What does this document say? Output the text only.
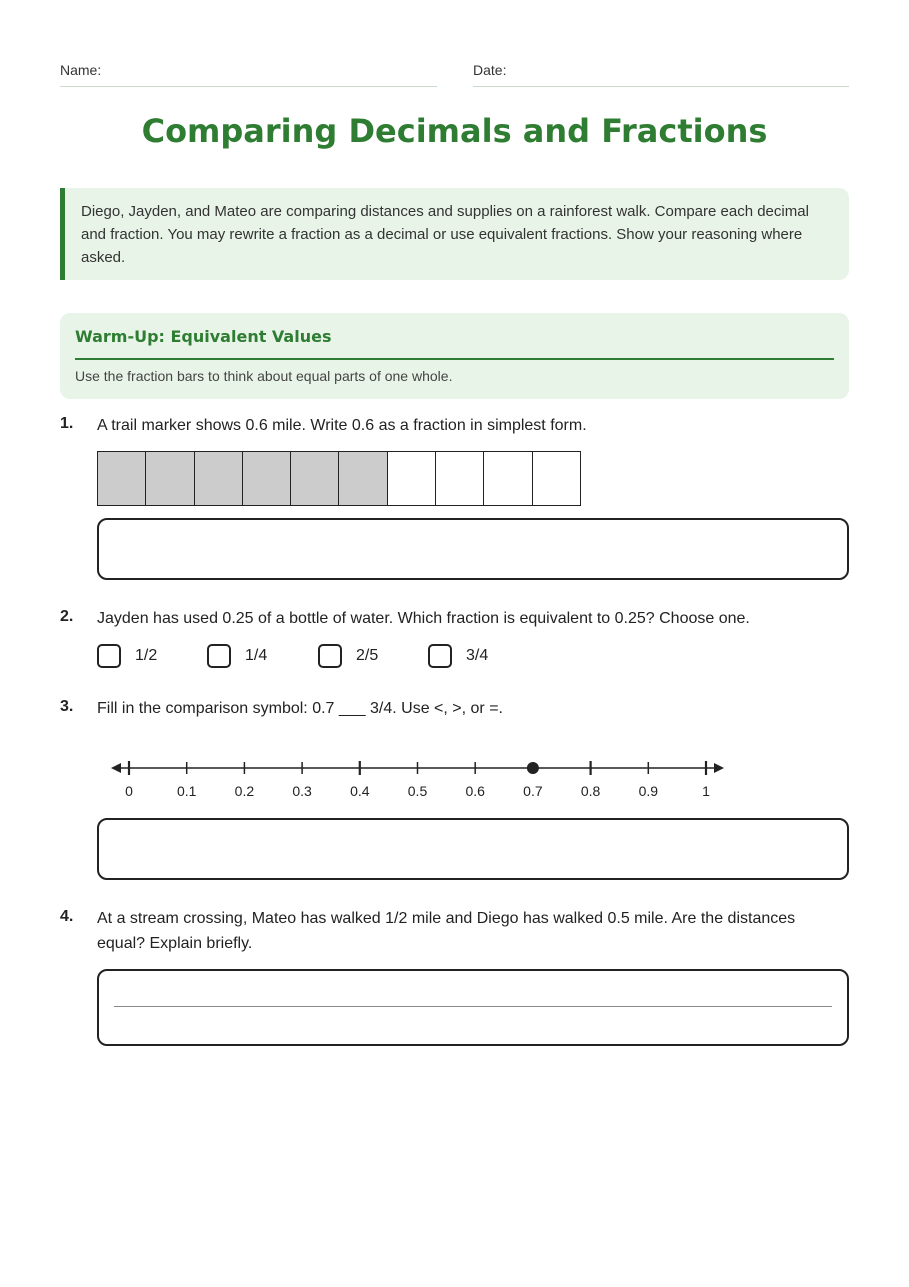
Name:	Date:
Comparing Decimals and Fractions
Diego, Jayden, and Mateo are comparing distances and supplies on a rainforest walk. Compare each decimal and fraction. You may rewrite a fraction as a decimal or use equivalent fractions. Show your reasoning where asked.
Warm-Up: Equivalent Values
Use the fraction bars to think about equal parts of one whole.
1. A trail marker shows 0.6 mile. Write 0.6 as a fraction in simplest form.
2. Jayden has used 0.25 of a bottle of water. Which fraction is equivalent to 0.25? Choose one.
1/2	1/4	2/5	3/4
3. Fill in the comparison symbol: 0.7 ___ 3/4. Use <, >, or =.
0	0.1	0.2	0.3	0.4	0.5	0.6	0.7	0.8	0.9	1
4. At a stream crossing, Mateo has walked 1/2 mile and Diego has walked 0.5 mile. Are the distances equal? Explain briefly.
